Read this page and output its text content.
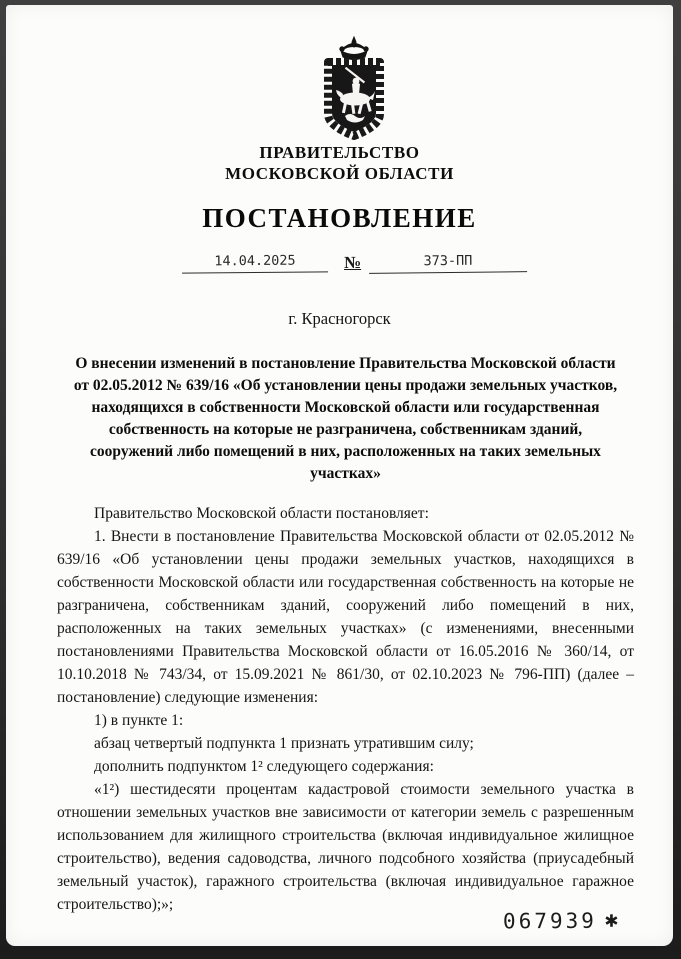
ПРАВИТЕЛЬСТВО
МОСКОВСКОЙ ОБЛАСТИ
ПОСТАНОВЛЕНИЕ
14.04.2025	№	373-ПП
г. Красногорск
О внесении изменений в постановление Правительства Московской области от 02.05.2012 № 639/16 «Об установлении цены продажи земельных участков, находящихся в собственности Московской области или государственная собственность на которые не разграничена, собственникам зданий, сооружений либо помещений в них, расположенных на таких земельных участках»

Правительство Московской области постановляет:

1. Внести в постановление Правительства Московской области от 02.05.2012 № 639/16 «Об установлении цены продажи земельных участков, находящихся в собственности Московской области или государственная собственность на которые не разграничена, собственникам зданий, сооружений либо помещений в них, расположенных на таких земельных участках» (с изменениями, внесенными постановлениями Правительства Московской области от 16.05.2016 № 360/14, от 10.10.2018 № 743/34, от 15.09.2021 № 861/30, от 02.10.2023 № 796-ПП) (далее – постановление) следующие изменения:

1) в пункте 1:

абзац четвертый подпункта 1 признать утратившим силу;

дополнить подпунктом 1² следующего содержания:

«1²) шестидесяти процентам кадастровой стоимости земельного участка в отношении земельных участков вне зависимости от категории земель с разрешенным использованием для жилищного строительства (включая индивидуальное жилищное строительство), ведения садоводства, личного подсобного хозяйства (приусадебный земельный участок), гаражного строительства (включая индивидуальное гаражное строительство);»;

067939 ✱
